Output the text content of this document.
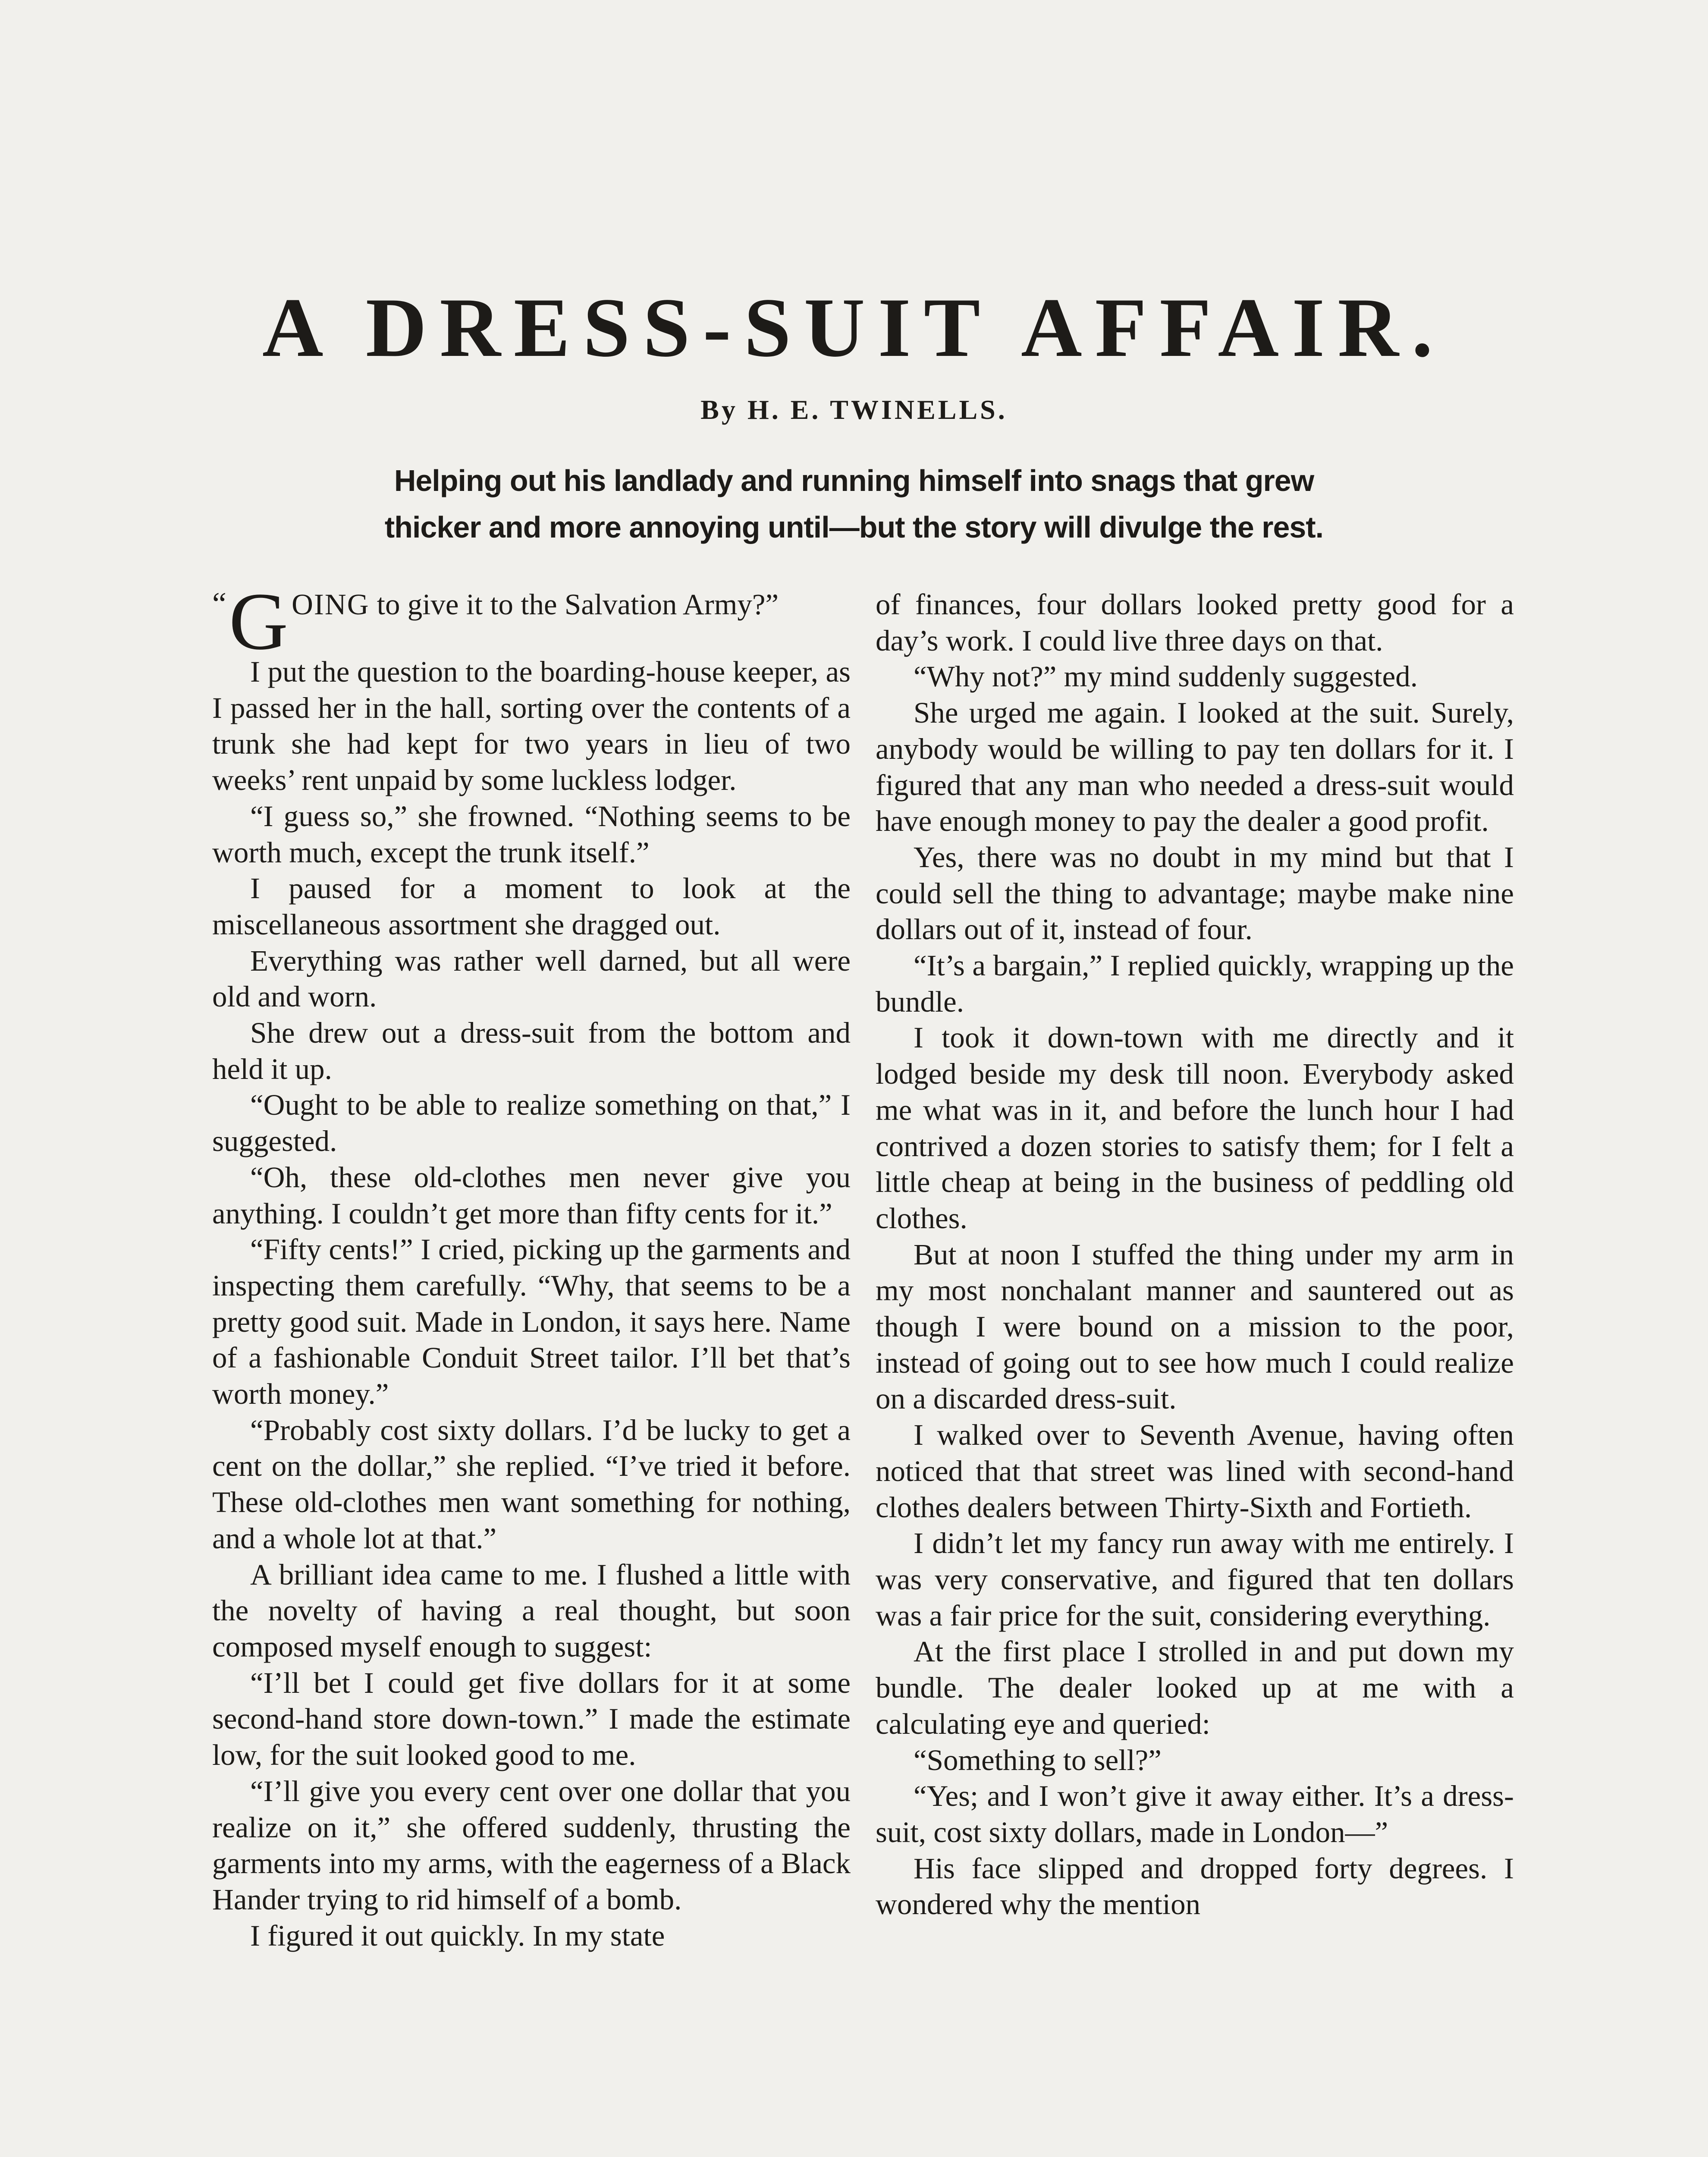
A DRESS-SUIT AFFAIR.
By H. E. TWINELLS.
Helping out his landlady and running himself into snags that grew thicker and more annoying until—but the story will divulge the rest.

“ G OING to give it to the Salvation Army?”

I put the question to the boarding-house keeper, as I passed her in the hall, sorting over the contents of a trunk she had kept for two years in lieu of two weeks’ rent unpaid by some luckless lodger.

“I guess so,” she frowned. “Nothing seems to be worth much, except the trunk itself.”

I paused for a moment to look at the miscellaneous assortment she dragged out.

Everything was rather well darned, but all were old and worn.

She drew out a dress-suit from the bottom and held it up.

“Ought to be able to realize something on that,” I suggested.

“Oh, these old-clothes men never give you anything. I couldn’t get more than fifty cents for it.”

“Fifty cents!” I cried, picking up the garments and inspecting them carefully. “Why, that seems to be a pretty good suit. Made in London, it says here. Name of a fashionable Conduit Street tailor. I’ll bet that’s worth money.”

“Probably cost sixty dollars. I’d be lucky to get a cent on the dollar,” she replied. “I’ve tried it before. These old-clothes men want something for nothing, and a whole lot at that.”

A brilliant idea came to me. I flushed a little with the novelty of having a real thought, but soon composed myself enough to suggest:

“I’ll bet I could get five dollars for it at some second-hand store down-town.” I made the estimate low, for the suit looked good to me.

“I’ll give you every cent over one dollar that you realize on it,” she offered suddenly, thrusting the garments into my arms, with the eagerness of a Black Hander trying to rid himself of a bomb.

I figured it out quickly. In my state

of finances, four dollars looked pretty good for a day’s work. I could live three days on that.

“Why not?” my mind suddenly suggested.

She urged me again. I looked at the suit. Surely, anybody would be willing to pay ten dollars for it. I figured that any man who needed a dress-suit would have enough money to pay the dealer a good profit.

Yes, there was no doubt in my mind but that I could sell the thing to advantage; maybe make nine dollars out of it, instead of four.

“It’s a bargain,” I replied quickly, wrapping up the bundle.

I took it down-town with me directly and it lodged beside my desk till noon. Everybody asked me what was in it, and before the lunch hour I had contrived a dozen stories to satisfy them; for I felt a little cheap at being in the business of peddling old clothes.

But at noon I stuffed the thing under my arm in my most nonchalant manner and sauntered out as though I were bound on a mission to the poor, instead of going out to see how much I could realize on a discarded dress-suit.

I walked over to Seventh Avenue, having often noticed that that street was lined with second-hand clothes dealers between Thirty-Sixth and Fortieth.

I didn’t let my fancy run away with me entirely. I was very conservative, and figured that ten dollars was a fair price for the suit, considering everything.

At the first place I strolled in and put down my bundle. The dealer looked up at me with a calculating eye and queried:

“Something to sell?”

“Yes; and I won’t give it away either. It’s a dress-suit, cost sixty dollars, made in London—”

His face slipped and dropped forty degrees. I wondered why the mention
